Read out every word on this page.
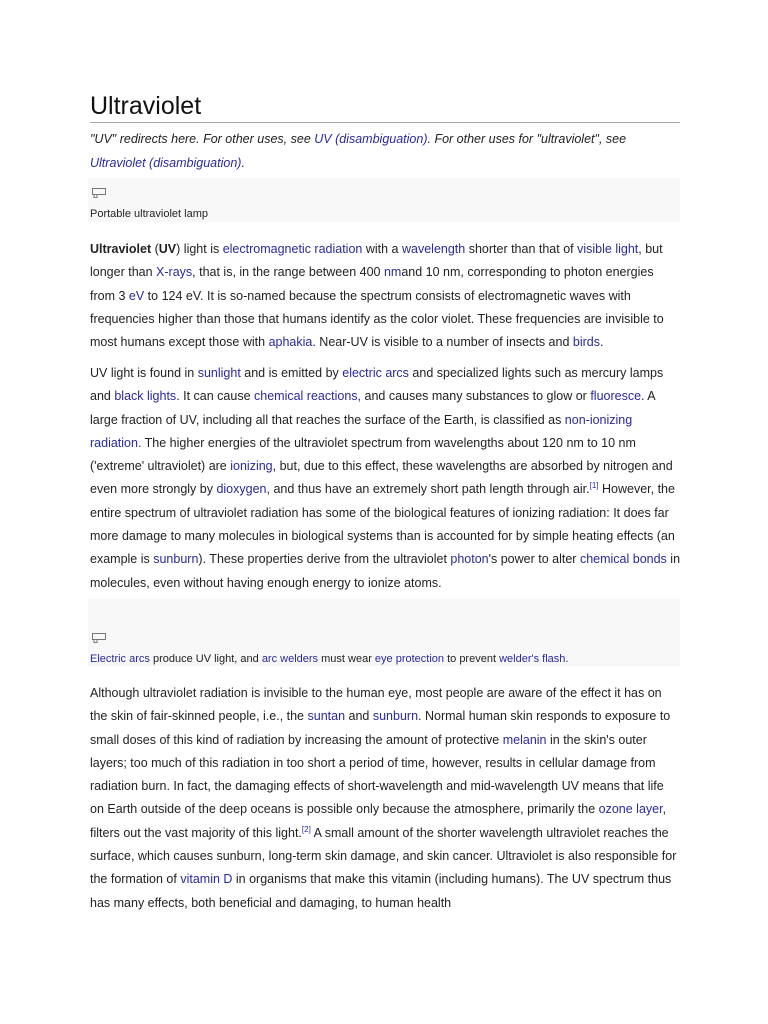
Ultraviolet
"UV" redirects here. For other uses, see UV (disambiguation). For other uses for "ultraviolet", see Ultraviolet (disambiguation).
Portable ultraviolet lamp

Ultraviolet (UV) light is electromagnetic radiation with a wavelength shorter than that of visible light, but longer than X-rays, that is, in the range between 400 nmand 10 nm, corresponding to photon energies from 3 eV to 124 eV. It is so-named because the spectrum consists of electromagnetic waves with frequencies higher than those that humans identify as the color violet. These frequencies are invisible to most humans except those with aphakia. Near-UV is visible to a number of insects and birds.

UV light is found in sunlight and is emitted by electric arcs and specialized lights such as mercury lamps and black lights. It can cause chemical reactions, and causes many substances to glow or fluoresce. A large fraction of UV, including all that reaches the surface of the Earth, is classified as non-ionizing radiation. The higher energies of the ultraviolet spectrum from wavelengths about 120 nm to 10 nm ('extreme' ultraviolet) are ionizing, but, due to this effect, these wavelengths are absorbed by nitrogen and even more strongly by dioxygen, and thus have an extremely short path length through air.[1] However, the entire spectrum of ultraviolet radiation has some of the biological features of ionizing radiation: It does far more damage to many molecules in biological systems than is accounted for by simple heating effects (an example is sunburn). These properties derive from the ultraviolet photon's power to alter chemical bonds in molecules, even without having enough energy to ionize atoms.

Electric arcs produce UV light, and arc welders must wear eye protection to prevent welder's flash.

Although ultraviolet radiation is invisible to the human eye, most people are aware of the effect it has on the skin of fair-skinned people, i.e., the suntan and sunburn. Normal human skin responds to exposure to small doses of this kind of radiation by increasing the amount of protective melanin in the skin's outer layers; too much of this radiation in too short a period of time, however, results in cellular damage from radiation burn. In fact, the damaging effects of short-wavelength and mid-wavelength UV means that life on Earth outside of the deep oceans is possible only because the atmosphere, primarily the ozone layer, filters out the vast majority of this light.[2] A small amount of the shorter wavelength ultraviolet reaches the surface, which causes sunburn, long-term skin damage, and skin cancer. Ultraviolet is also responsible for the formation of vitamin D in organisms that make this vitamin (including humans). The UV spectrum thus has many effects, both beneficial and damaging, to human health
